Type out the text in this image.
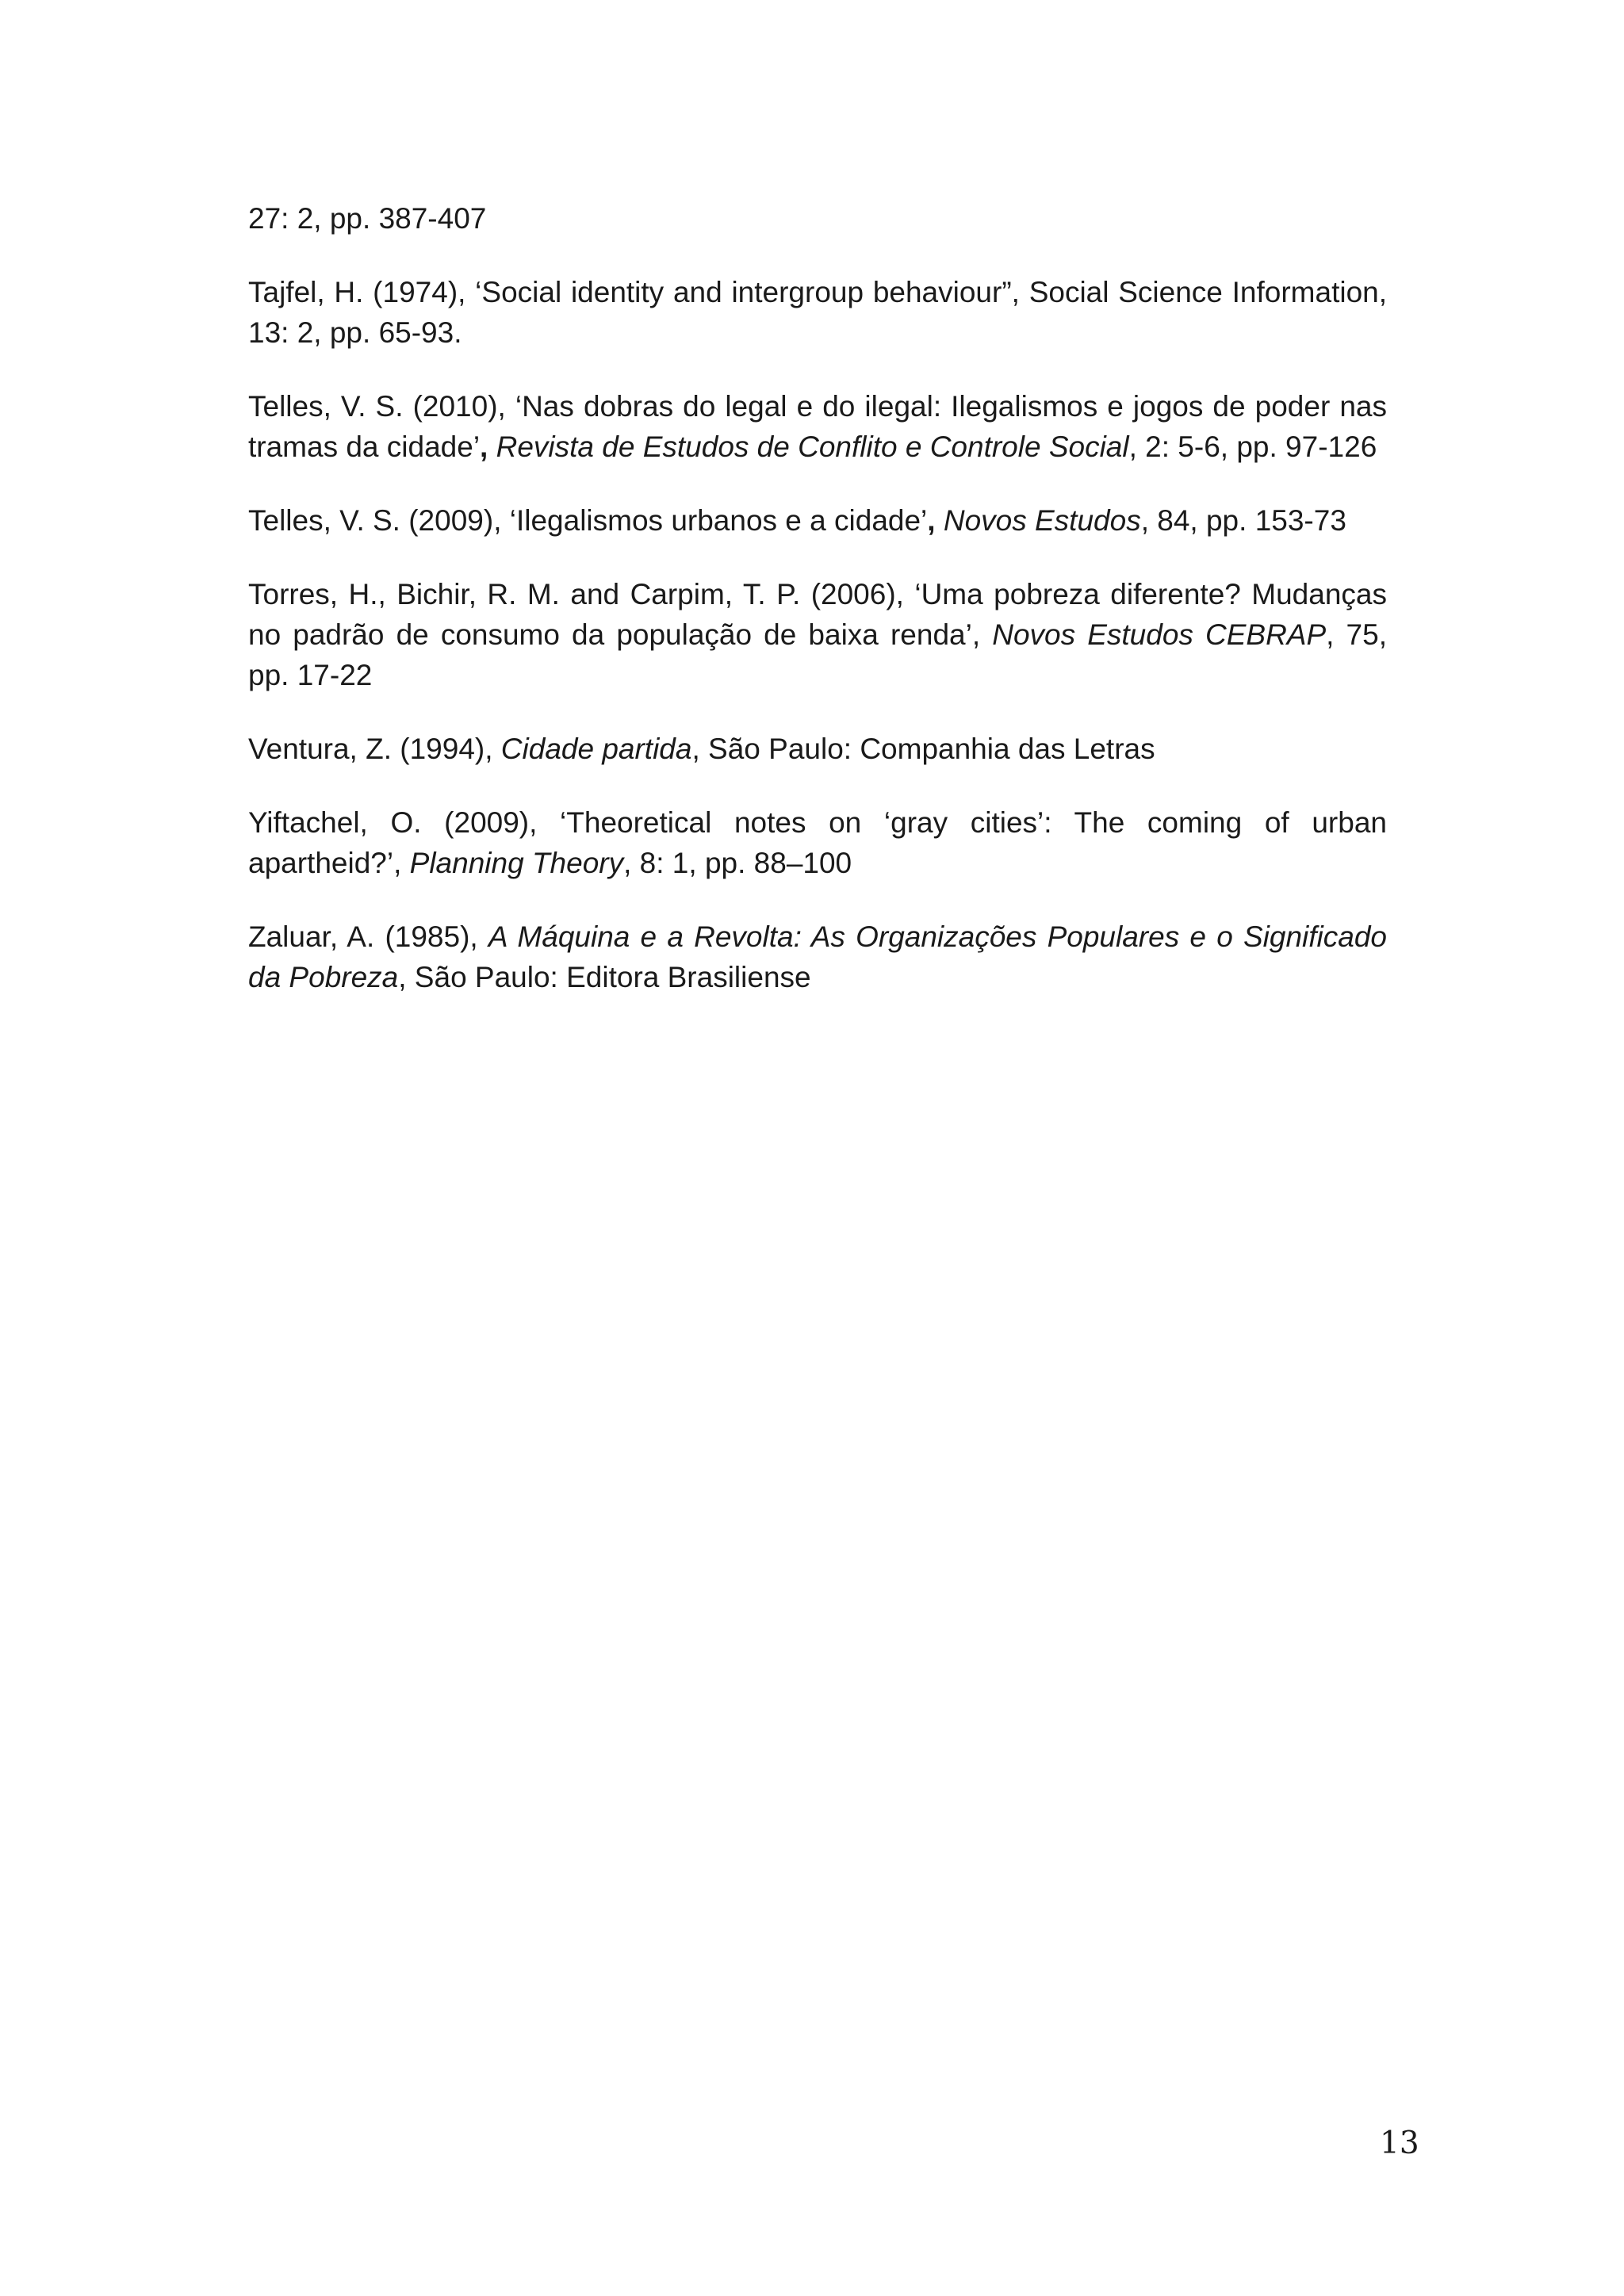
27: 2, pp. 387-407

Tajfel, H. (1974), ‘Social identity and intergroup behaviour”, Social Science Information, 13: 2, pp. 65-93.

Telles, V. S. (2010), ‘Nas dobras do legal e do ilegal: Ilegalismos e jogos de poder nas tramas da cidade’, Revista de Estudos de Conflito e Controle Social, 2: 5-6, pp. 97-126

Telles, V. S. (2009), ‘Ilegalismos urbanos e a cidade’, Novos Estudos, 84, pp. 153-73

Torres, H., Bichir, R. M. and Carpim, T. P. (2006), ‘Uma pobreza diferente? Mudanças no padrão de consumo da população de baixa renda’, Novos Estudos CEBRAP, 75, pp. 17-22

Ventura, Z. (1994), Cidade partida, São Paulo: Companhia das Letras

Yiftachel, O. (2009), ‘Theoretical notes on ‘gray cities’: The coming of urban apartheid?’, Planning Theory, 8: 1, pp. 88–100

Zaluar, A. (1985), A Máquina e a Revolta: As Organizações Populares e o Significado da Pobreza, São Paulo: Editora Brasiliense

13
